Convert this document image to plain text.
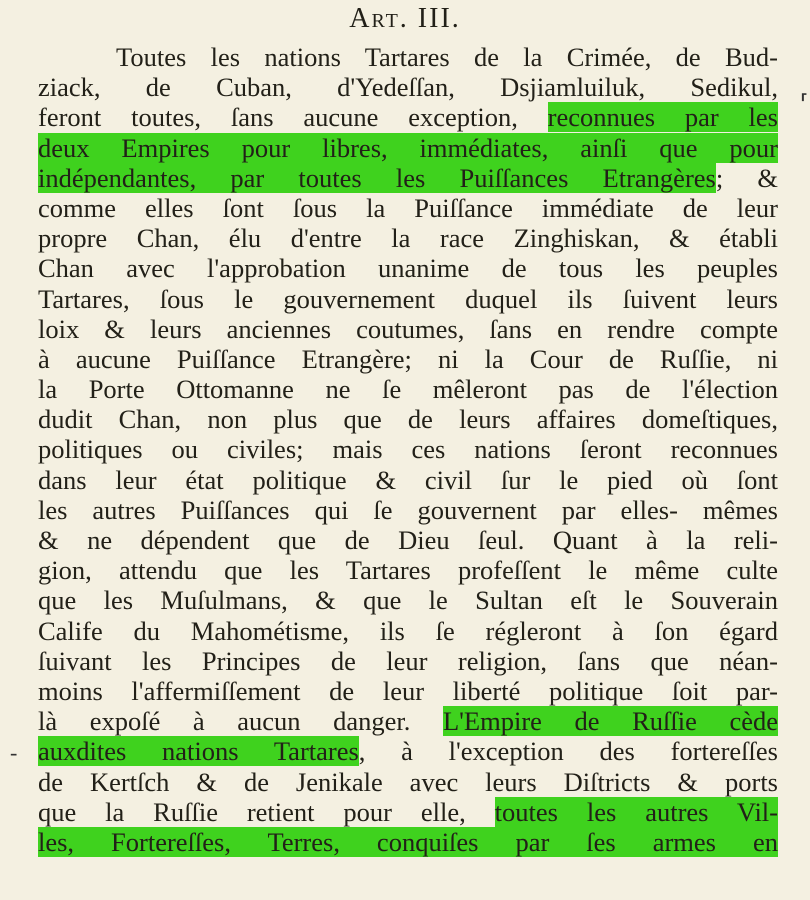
Art. III.
Toutes les nations Tartares de la Crimée, de Bud-
ziack, de Cuban, d'Yedeſſan, Dsjiamluiluk, Sedikul,
feront toutes, ſans aucune exception, reconnues par les
deux Empires pour libres, immédiates, ainſi que pour
indépendantes, par toutes les Puiſſances Etrangères; &
comme elles ſont ſous la Puiſſance immédiate de leur
propre Chan, élu d'entre la race Zinghiskan, & établi
Chan avec l'approbation unanime de tous les peuples
Tartares, ſous le gouvernement duquel ils ſuivent leurs
loix & leurs anciennes coutumes, ſans en rendre compte
à aucune Puiſſance Etrangère; ni la Cour de Ruſſie, ni
la Porte Ottomanne ne ſe mêleront pas de l'élection
dudit Chan, non plus que de leurs affaires domeſtiques,
politiques ou civiles; mais ces nations ſeront reconnues
dans leur état politique & civil ſur le pied où ſont
les autres Puiſſances qui ſe gouvernent par elles- mêmes
& ne dépendent que de Dieu ſeul. Quant à la reli-
gion, attendu que les Tartares profeſſent le même culte
que les Muſulmans, & que le Sultan eſt le Souverain
Calife du Mahométisme, ils ſe régleront à ſon égard
ſuivant les Principes de leur religion, ſans que néan-
moins l'affermiſſement de leur liberté politique ſoit par-
là expoſé à aucun danger. L'Empire de Ruſſie cède
auxdites nations Tartares, à l'exception des fortereſſes
de Kertſch & de Jenikale avec leurs Diſtricts & ports
que la Ruſſie retient pour elle, toutes les autres Vil-
les, Fortereſſes, Terres, conquiſes par ſes armes en
-
⸢
